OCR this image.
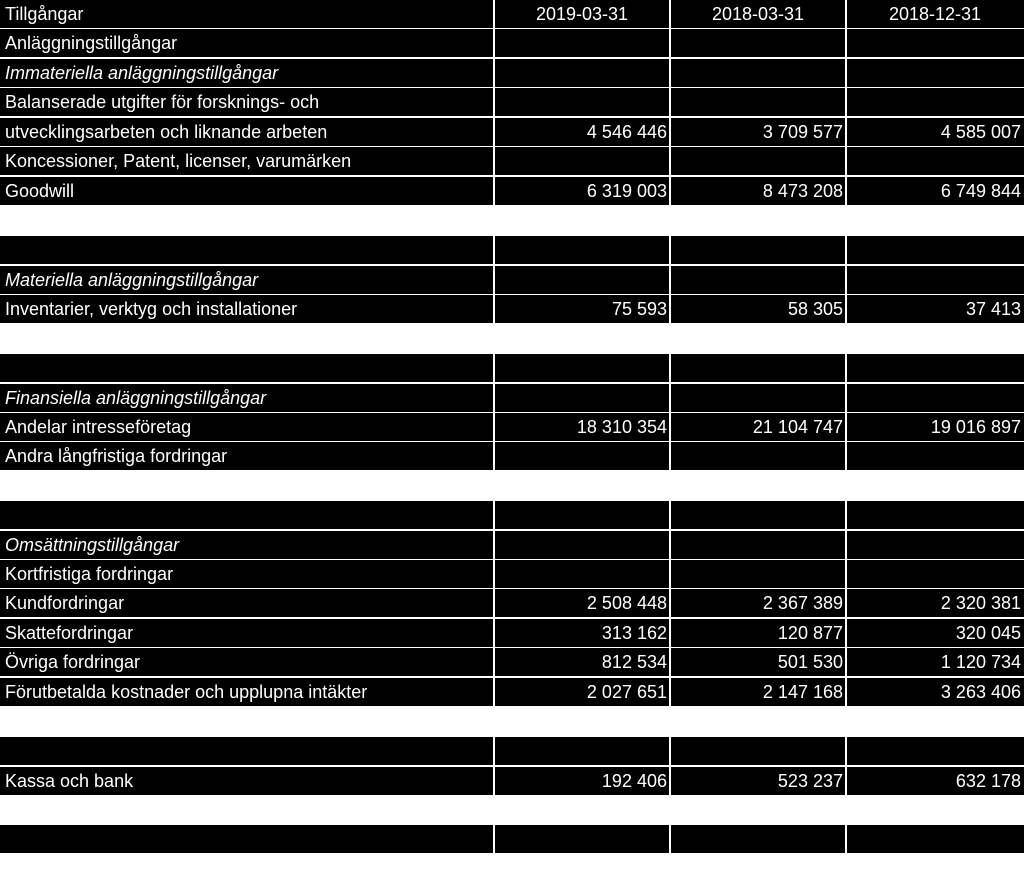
Tillgångar	2019-03-31	2018-03-31	2018-12-31
Anläggningstillgångar
Immateriella anläggningstillgångar
Balanserade utgifter för forsknings- och
utvecklingsarbeten och liknande arbeten	4 546 446	3 709 577	4 585 007
Koncessioner, Patent, licenser, varumärken
Goodwill	6 319 003	8 473 208	6 749 844
Materiella anläggningstillgångar
Inventarier, verktyg och installationer	75 593	58 305	37 413
Finansiella anläggningstillgångar
Andelar intresseföretag	18 310 354	21 104 747	19 016 897
Andra långfristiga fordringar
Omsättningstillgångar
Kortfristiga fordringar
Kundfordringar	2 508 448	2 367 389	2 320 381
Skattefordringar	313 162	120 877	320 045
Övriga fordringar	812 534	501 530	1 120 734
Förutbetalda kostnader och upplupna intäkter	2 027 651	2 147 168	3 263 406
Kassa och bank	192 406	523 237	632 178
